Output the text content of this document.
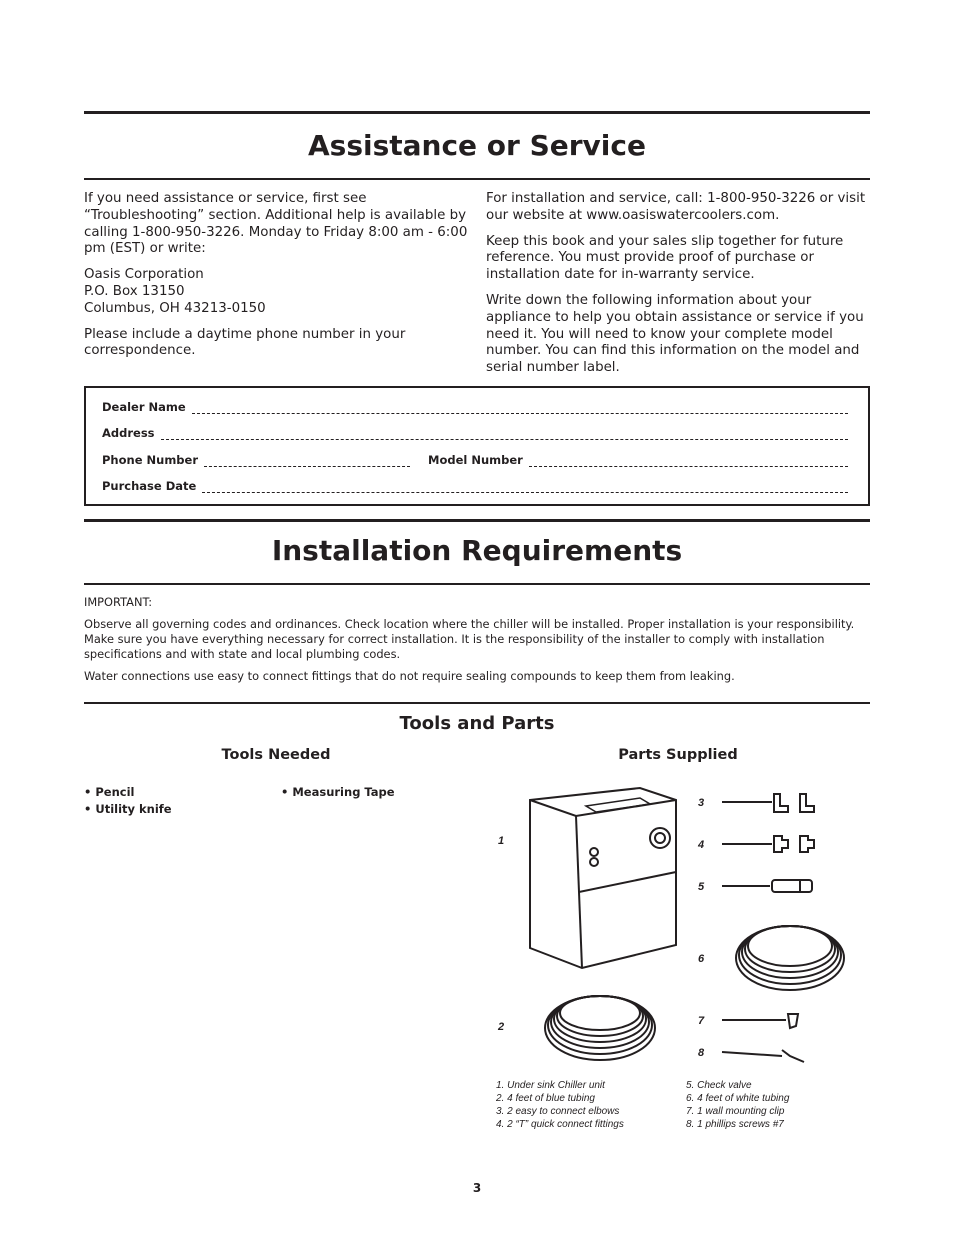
Assistance or Service

If you need assistance or service, first see “Troubleshooting” section. Additional help is available by calling 1-800-950-3226. Monday to Friday 8:00 am - 6:00 pm (EST) or write:

Oasis Corporation
P.O. Box 13150
Columbus, OH 43213-0150

Please include a daytime phone number in your correspondence.

For installation and service, call: 1-800-950-3226 or visit our website at www.oasiswatercoolers.com.

Keep this book and your sales slip together for future reference. You must provide proof of purchase or installation date for in-warranty service.

Write down the following information about your appliance to help you obtain assistance or service if you need it. You will need to know your complete model number. You can find this information on the model and serial number label.

Dealer Name
Address
Phone Number	Model Number
Purchase Date
Installation Requirements

IMPORTANT:

Observe all governing codes and ordinances. Check location where the chiller will be installed. Proper installation is your responsibility. Make sure you have everything necessary for correct installation. It is the responsibility of the installer to comply with installation specifications and with state and local plumbing codes.

Water connections use easy to connect fittings that do not require sealing compounds to keep them from leaking.

Tools and Parts
Tools Needed	Parts Supplied
• Pencil
• Utility knife
• Measuring Tape
1
2
3
4
5
6
7
8
1. Under sink Chiller unit
2. 4 feet of blue tubing
3. 2 easy to connect elbows
4. 2 “T” quick connect fittings
5. Check valve
6. 4 feet of white tubing
7. 1 wall mounting clip
8. 1 phillips screws #7
3
